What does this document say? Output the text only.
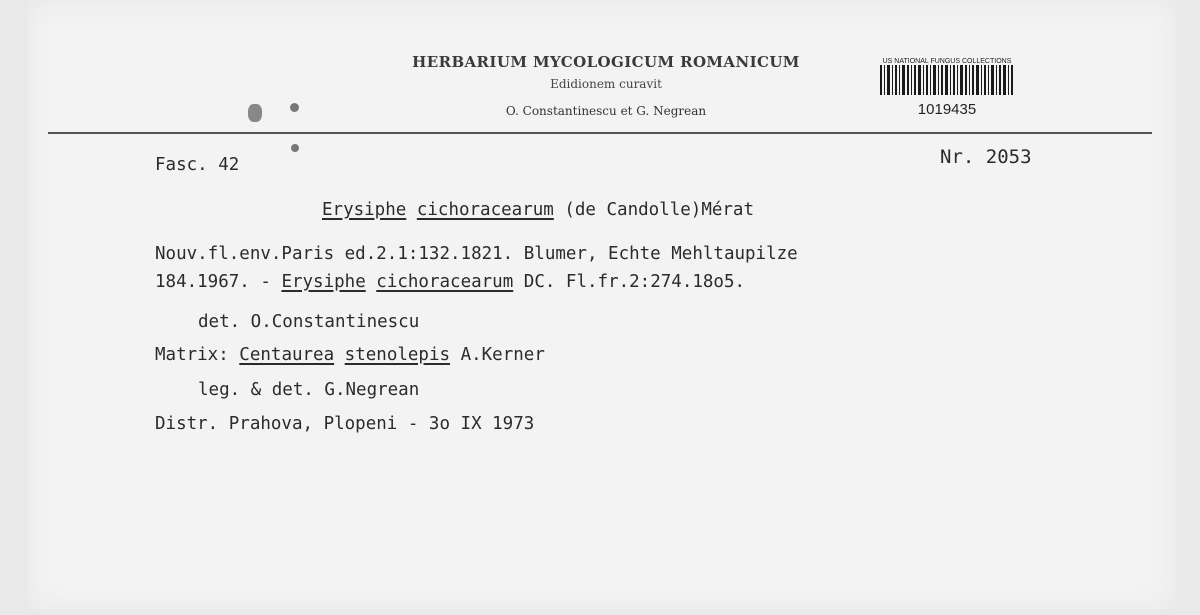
HERBARIUM MYCOLOGICUM ROMANICUM
Edidionem curavit
O. Constantinescu et G. Negrean
US NATIONAL FUNGUS COLLECTIONS
1019435
Fasc. 42	Nr. 2053
Erysiphe cichoracearum (de Candolle)Mérat
Nouv.fl.env.Paris ed.2.1:132.1821. Blumer, Echte Mehltaupilze
184.1967. - Erysiphe cichoracearum DC. Fl.fr.2:274.18o5.
det. O.Constantinescu
Matrix: Centaurea stenolepis A.Kerner
leg. & det. G.Negrean
Distr. Prahova, Plopeni - 3o IX 1973
